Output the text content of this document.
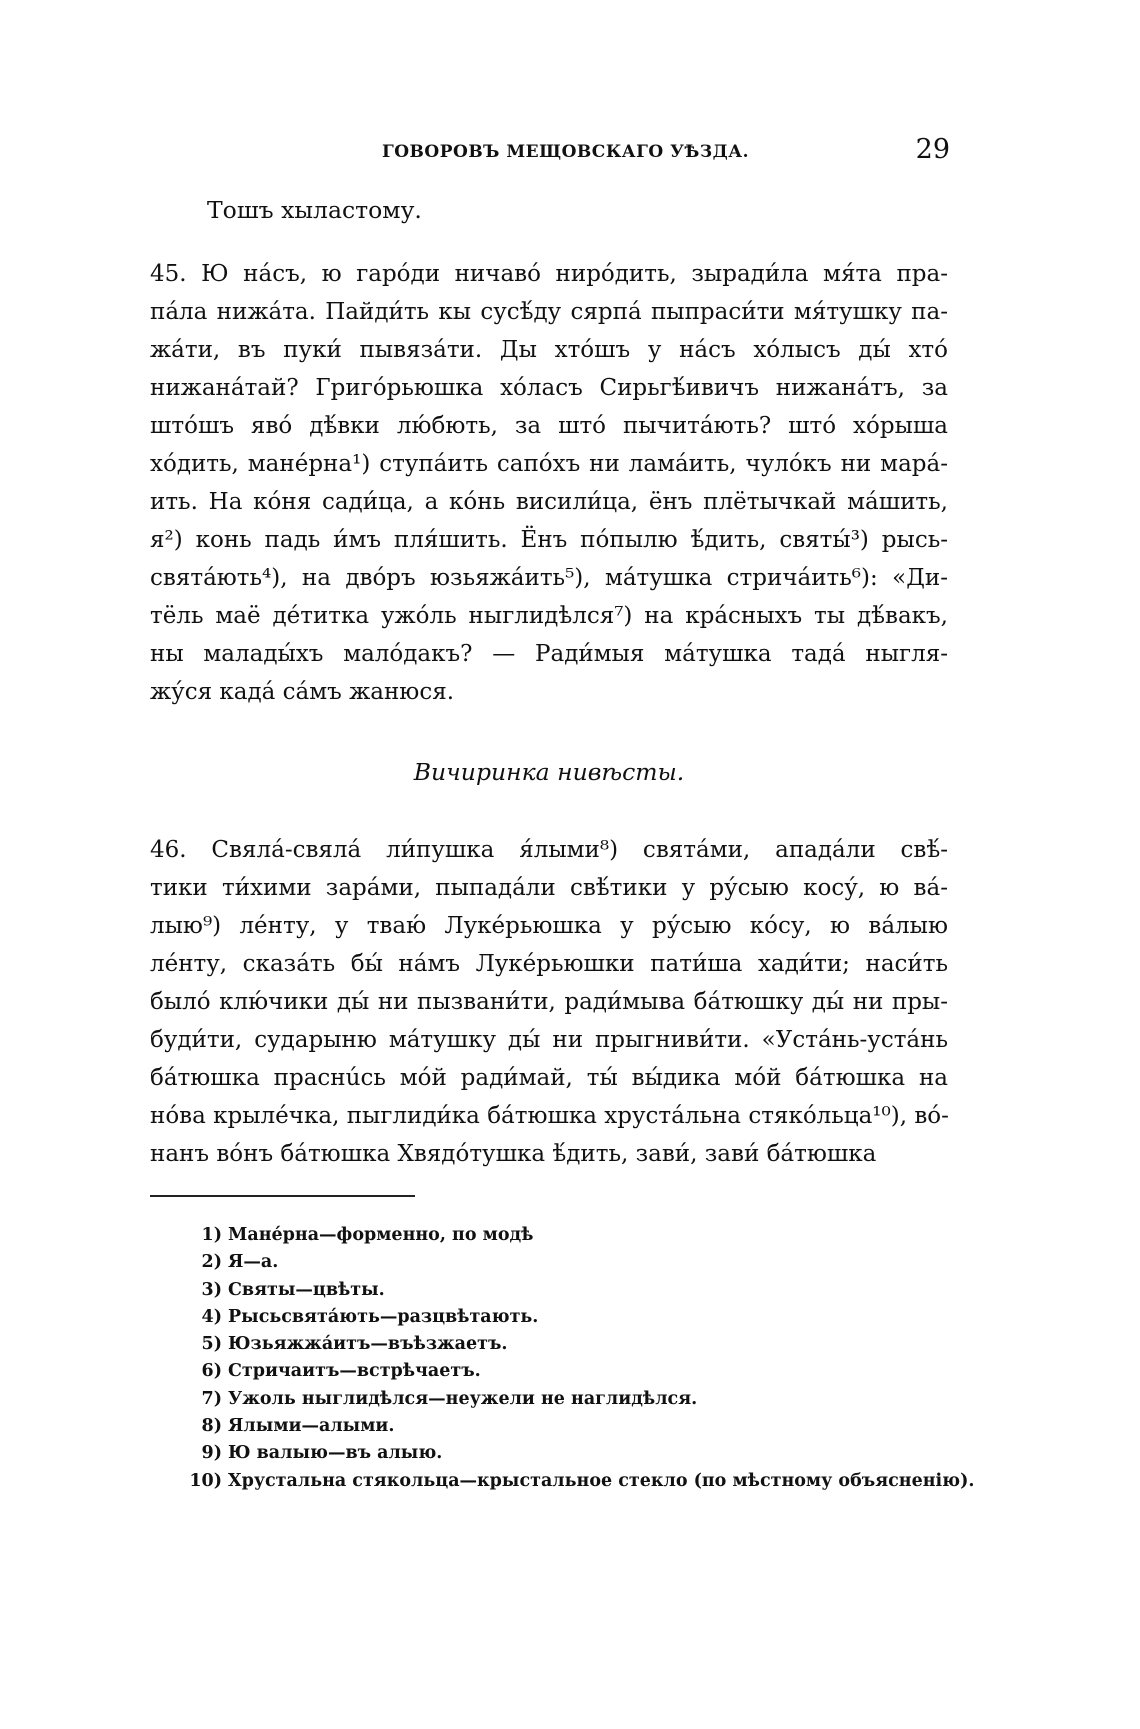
ГОВОРОВЪ МЕЩОВСКАГО УѢЗДА.	29
Тошъ хыластому.
45. Ю нáсъ, ю гарóди ничавó нирóдить, зыради́ла мя́та пра-
пáла нижáта. Пайди́ть кы сусѣ́ду сярпá пыпраси́ти мя́тушку па-
жáти, въ пуки́ пывязáти. Ды хтóшъ у нáсъ хóлысъ ды́ хтó
нижанáтай? Григóрьюшка хóласъ Сирьгѣ́ивичъ нижанáтъ, за
штóшъ явó дѣ́вки лю́бють, за штó пычитáють? штó хóрыша
хóдить, манéрна¹) ступáить сапóхъ ни ламáить, чулóкъ ни марá-
ить. На кóня сади́ца, а кóнь висили́ца, ёнъ плётычкай мáшить,
я²) конь падь и́мъ пля́шить. Ёнъ пóпылю ѣ́дить, святы́³) рысь-
святáють⁴), на двóръ юзьяжáить⁵), мáтушка стричáить⁶): «Ди-
тёль маё дéтитка ужóль ныглидѣлся⁷) на крáсныхъ ты дѣ́вакъ,
ны малады́хъ малóдакъ? — Ради́мыя мáтушка тадá ныгля-
жу́ся кадá сáмъ жанюся.
Вичиринка нивѣсты.
46. Свялá-свялá ли́пушка я́лыми⁸) святáми, ападáли свѣ́-
тики ти́хими зарáми, пыпадáли свѣ́тики у ру́сыю косу́, ю вá-
лыю⁹) лéнту, у тваю́ Лукéрьюшка у ру́сыю кóсу, ю вáлыю
лéнту, сказáть бы́ нáмъ Лукéрьюшки пати́ша хади́ти; наси́ть
былó клю́чики ды́ ни пызвани́ти, ради́мыва бáтюшку ды́ ни пры-
буди́ти, сударыню мáтушку ды́ ни прыгниви́ти. «Устáнь-устáнь
бáтюшка праснúсь мóй ради́май, ты́ вы́дика мóй бáтюшка на
нóва крылéчка, пыглиди́ка бáтюшка хрустáльна стякóльца¹⁰), вó-
нанъ вóнъ бáтюшка Хвядóтушка ѣ́дить, зави́, зави́ бáтюшка
1) Манéрна—форменно, по модѣ
2) Я—а.
3) Святы—цвѣты.
4) Рысьсвятáють—разцвѣтають.
5) Юзьяжжáитъ—въѣзжаетъ.
6) Стричаитъ—встрѣчаетъ.
7) Ужоль ныглидѣлся—неужели не наглидѣлся.
8) Ялыми—алыми.
9) Ю валыю—въ алыю.
10) Хрустальна стякольца—крыстальное стекло (по мѣстному объясненію).
